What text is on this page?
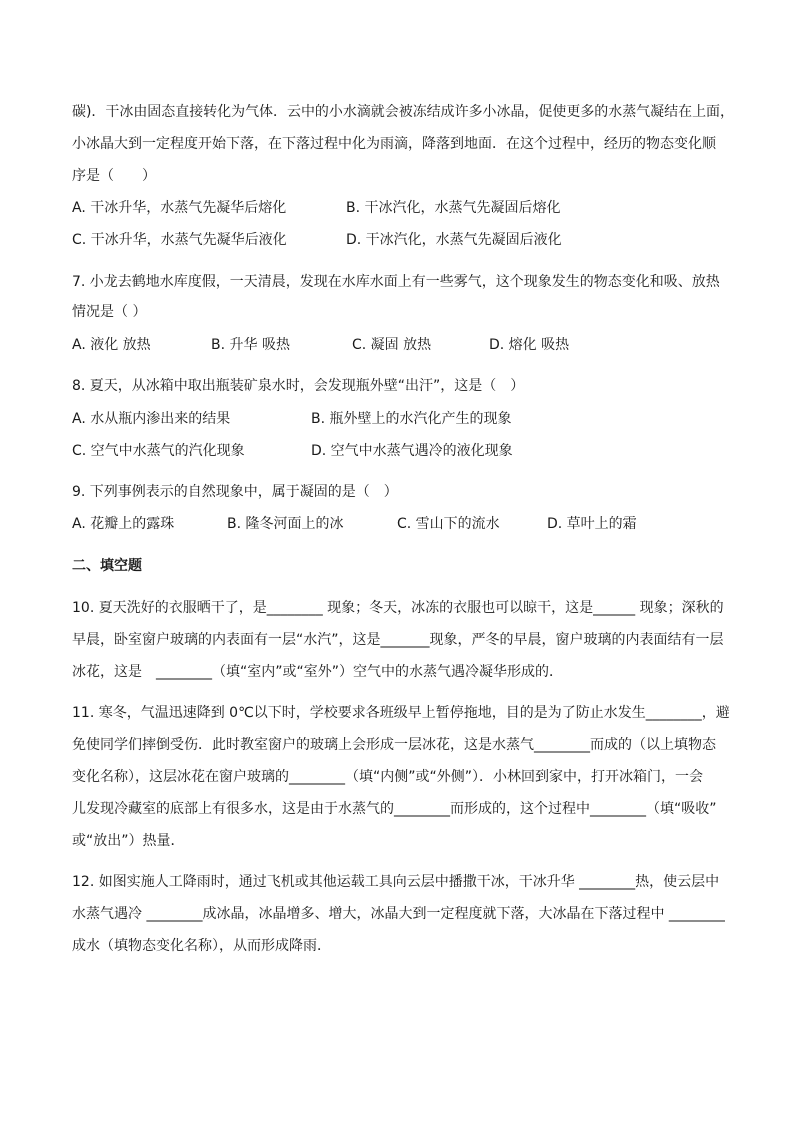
碳)．干冰由固态直接转化为气体．云中的小水滴就会被冻结成许多小冰晶，促使更多的水蒸气凝结在上面，
小冰晶大到一定程度开始下落，在下落过程中化为雨滴，降落到地面．在这个过程中，经历的物态变化顺
序是（　　）
A. 干冰升华，水蒸气先凝华后熔化	B. 干冰汽化，水蒸气先凝固后熔化
C. 干冰升华，水蒸气先凝华后液化	D. 干冰汽化，水蒸气先凝固后液化
7. 小龙去鹤地水库度假，一天清晨，发现在水库水面上有一些雾气，这个现象发生的物态变化和吸、放热
情况是（ ）
A. 液化 放热	B. 升华 吸热	C. 凝固 放热	D. 熔化 吸热
8. 夏天，从冰箱中取出瓶装矿泉水时，会发现瓶外壁“出汗”，这是（　）
A. 水从瓶内渗出来的结果	B. 瓶外壁上的水汽化产生的现象
C. 空气中水蒸气的汽化现象	D. 空气中水蒸气遇冷的液化现象
9. 下列事例表示的自然现象中，属于凝固的是（　）
A. 花瓣上的露珠	B. 隆冬河面上的冰	C. 雪山下的流水	D. 草叶上的霜
二、填空题
10. 夏天洗好的衣服晒干了，是________ 现象；冬天，冰冻的衣服也可以晾干，这是______ 现象；深秋的
早晨，卧室窗户玻璃的内表面有一层“水汽”，这是_______现象，严冬的早晨，窗户玻璃的内表面结有一层
冰花，这是　________（填“室内”或“室外”）空气中的水蒸气遇冷凝华形成的．
11. 寒冬，气温迅速降到 0℃以下时，学校要求各班级早上暂停拖地，目的是为了防止水发生________，避
免使同学们摔倒受伤．此时教室窗户的玻璃上会形成一层冰花，这是水蒸气________而成的（以上填物态
变化名称），这层冰花在窗户玻璃的________（填“内侧”或“外侧”）．小林回到家中，打开冰箱门，一会
儿发现冷藏室的底部上有很多水，这是由于水蒸气的________而形成的，这个过程中________（填“吸收”
或“放出”）热量．
12. 如图实施人工降雨时，通过飞机或其他运载工具向云层中播撒干冰，干冰升华 ________热，使云层中
水蒸气遇冷 ________成冰晶，冰晶增多、增大，冰晶大到一定程度就下落，大冰晶在下落过程中 ________
成水（填物态变化名称），从而形成降雨．
